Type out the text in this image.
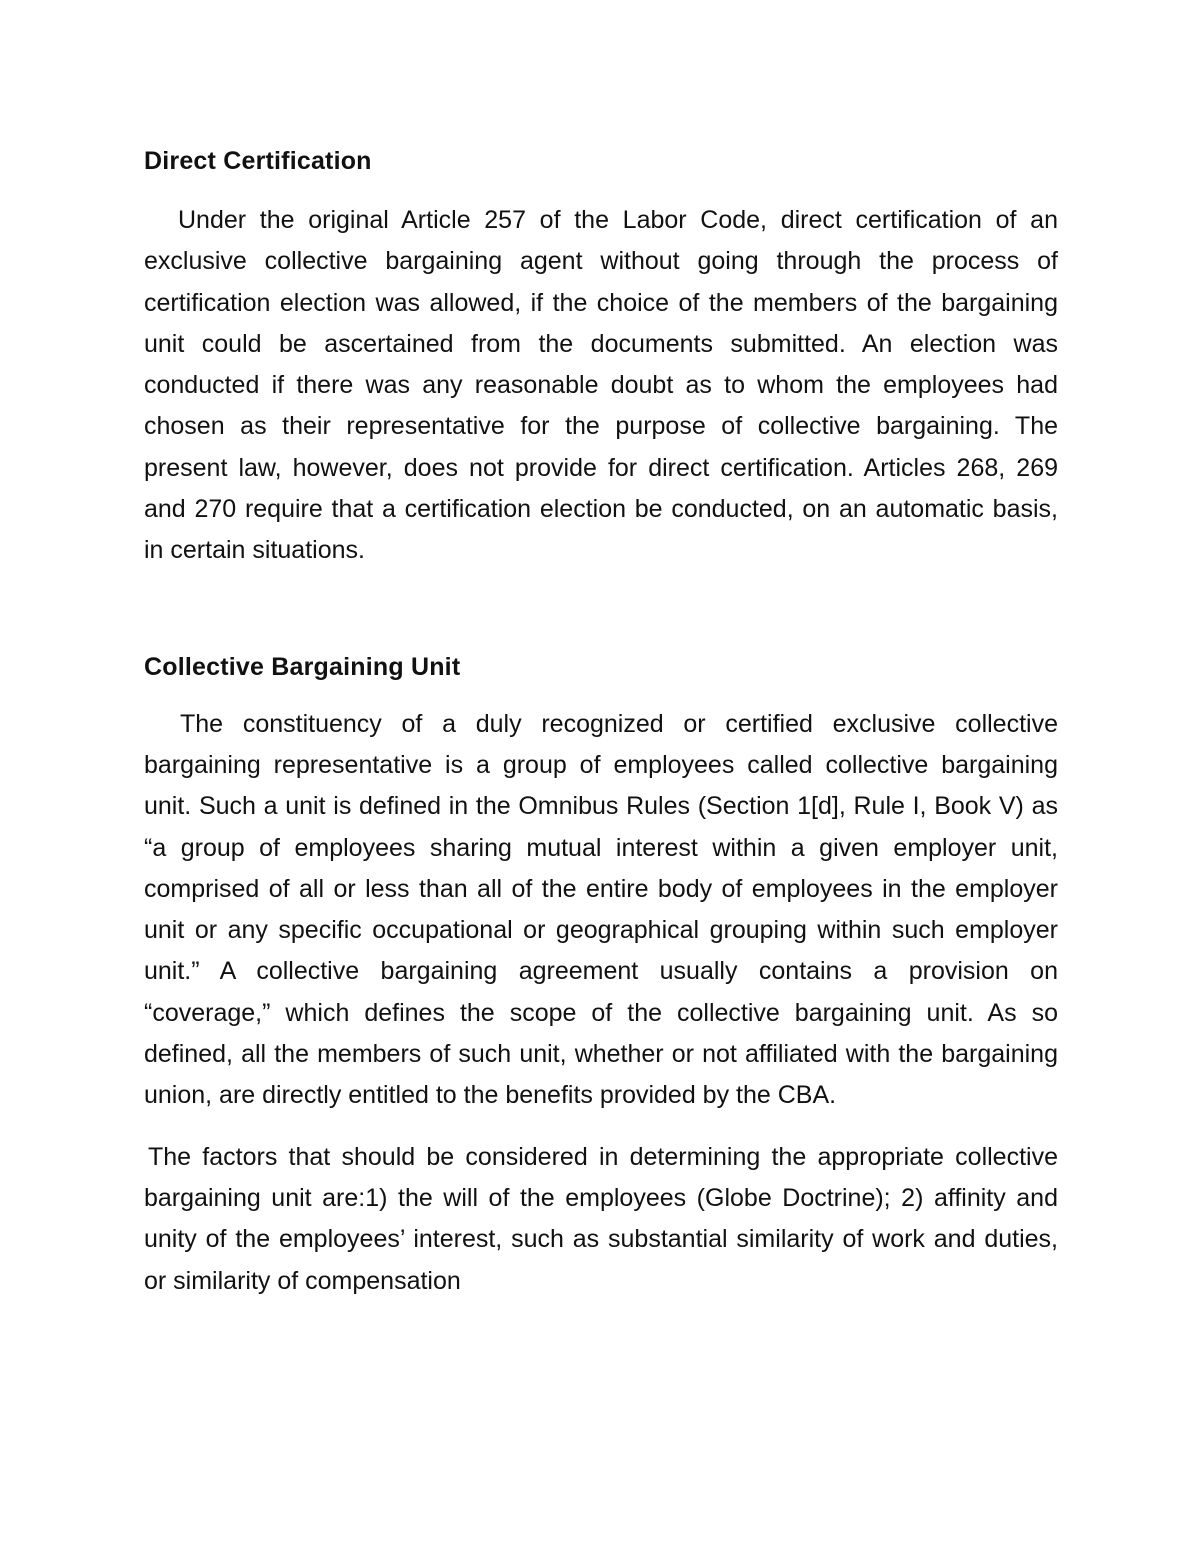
Direct Certification

Under the original Article 257 of the Labor Code, direct certification of an exclusive collective bargaining agent without going through the process of certification election was allowed, if the choice of the members of the bargaining unit could be ascertained from the documents submitted. An election was conducted if there was any reasonable doubt as to whom the employees had chosen as their representative for the purpose of collective bargaining. The present law, however, does not provide for direct certification. Articles 268, 269 and 270 require that a certification election be conducted, on an automatic basis, in certain situations.

Collective Bargaining Unit

The constituency of a duly recognized or certified exclusive collective bargaining representative is a group of employees called collective bargaining unit. Such a unit is defined in the Omnibus Rules (Section 1[d], Rule I, Book V) as “a group of employees sharing mutual interest within a given employer unit, comprised of all or less than all of the entire body of employees in the employer unit or any specific occupational or geographical grouping within such employer unit.” A collective bargaining agreement usually contains a provision on “coverage,” which defines the scope of the collective bargaining unit. As so defined, all the members of such unit, whether or not affiliated with the bargaining union, are directly entitled to the benefits provided by the CBA.

The factors that should be considered in determining the appropriate collective bargaining unit are:1) the will of the employees (Globe Doctrine); 2) affinity and unity of the employees’ interest, such as substantial similarity of work and duties, or similarity of compensation
